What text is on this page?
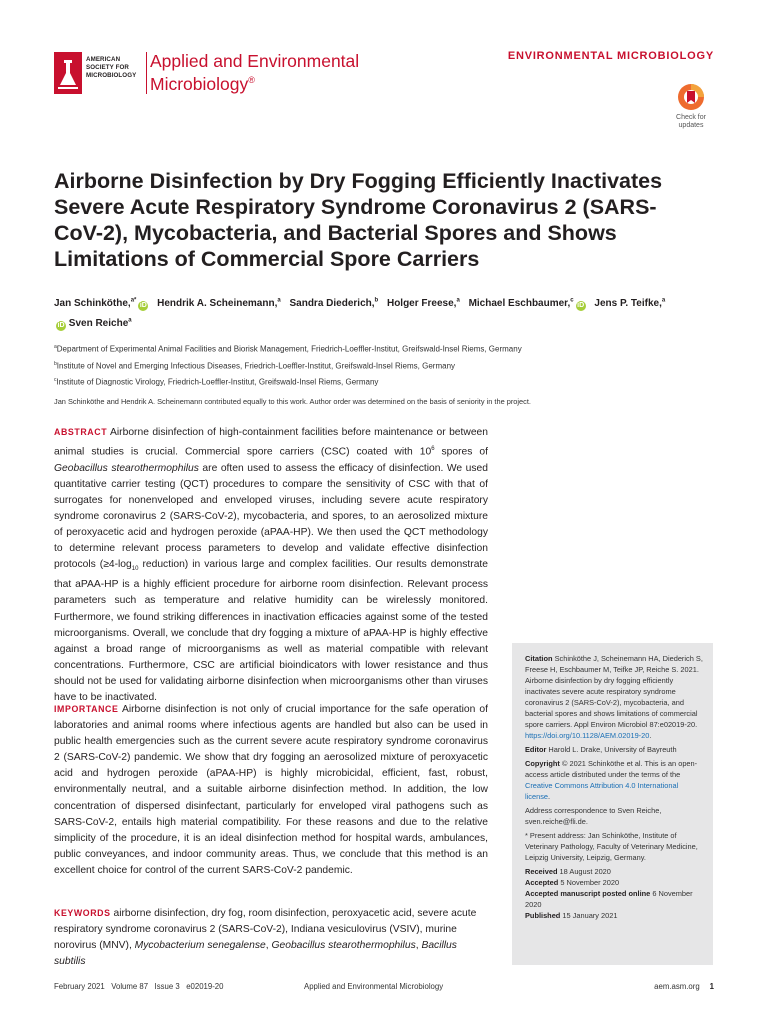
AMERICAN
SOCIETY FOR
MICROBIOLOGY
Applied and Environmental
Microbiology®
ENVIRONMENTAL MICROBIOLOGY
Check for
updates
Airborne Disinfection by Dry Fogging Efficiently Inactivates Severe Acute Respiratory Syndrome Coronavirus 2 (SARS-CoV-2), Mycobacteria, and Bacterial Spores and Shows Limitations of Commercial Spore Carriers
Jan Schinköthe,$^{a*}$iD Hendrik A. Scheinemann,$^a$ Sandra Diederich,$^b$ Holger Freese,$^a$ Michael Eschbaumer,$^c$iD Jens P. Teifke,$^a$
iD Sven Reiche$^a$
$^a$Department of Experimental Animal Facilities and Biorisk Management, Friedrich-Loeffler-Institut, Greifswald-Insel Riems, Germany
$^b$Institute of Novel and Emerging Infectious Diseases, Friedrich-Loeffler-Institut, Greifswald-Insel Riems, Germany
$^c$Institute of Diagnostic Virology, Friedrich-Loeffler-Institut, Greifswald-Insel Riems, Germany
Jan Schinköthe and Hendrik A. Scheinemann contributed equally to this work. Author order was determined on the basis of seniority in the project.
ABSTRACT Airborne disinfection of high-containment facilities before maintenance or between animal studies is crucial. Commercial spore carriers (CSC) coated with $10^6$ spores of Geobacillus stearothermophilus are often used to assess the efficacy of disinfection. We used quantitative carrier testing (QCT) procedures to compare the sensitivity of CSC with that of surrogates for nonenveloped and enveloped viruses, including severe acute respiratory syndrome coronavirus 2 (SARS-CoV-2), mycobacteria, and spores, to an aerosolized mixture of peroxyacetic acid and hydrogen peroxide (aPAA-HP). We then used the QCT methodology to determine relevant process parameters to develop and validate effective disinfection protocols ($\ge 4-\log_{10}$ reduction) in various large and complex facilities. Our results demonstrate that aPAA-HP is a highly efficient procedure for airborne room disinfection. Relevant process parameters such as temperature and relative humidity can be wirelessly monitored. Furthermore, we found striking differences in inactivation efficacies against some of the tested microorganisms. Overall, we conclude that dry fogging a mixture of aPAA-HP is highly effective against a broad range of microorganisms as well as material compatible with relevant concentrations. Furthermore, CSC are artificial bioindicators with lower resistance and thus should not be used for validating airborne disinfection when microorganisms other than viruses have to be inactivated.
IMPORTANCE Airborne disinfection is not only of crucial importance for the safe operation of laboratories and animal rooms where infectious agents are handled but also can be used in public health emergencies such as the current severe acute respiratory syndrome coronavirus 2 (SARS-CoV-2) pandemic. We show that dry fogging an aerosolized mixture of peroxyacetic acid and hydrogen peroxide (aPAA-HP) is highly microbicidal, efficient, fast, robust, environmentally neutral, and a suitable airborne disinfection method. In addition, the low concentration of dispersed disinfectant, particularly for enveloped viral pathogens such as SARS-CoV-2, entails high material compatibility. For these reasons and due to the relative simplicity of the procedure, it is an ideal disinfection method for hospital wards, ambulances, public conveyances, and indoor community areas. Thus, we conclude that this method is an excellent choice for control of the current SARS-CoV-2 pandemic.
KEYWORDS airborne disinfection, dry fog, room disinfection, peroxyacetic acid, severe acute respiratory syndrome coronavirus 2 (SARS-CoV-2), Indiana vesiculovirus (VSIV), murine norovirus (MNV), Mycobacterium senegalense, Geobacillus stearothermophilus, Bacillus subtilis

Citation Schinköthe J, Scheinemann HA, Diederich S, Freese H, Eschbaumer M, Teifke JP, Reiche S. 2021. Airborne disinfection by dry fogging efficiently inactivates severe acute respiratory syndrome coronavirus 2 (SARS-CoV-2), mycobacteria, and bacterial spores and shows limitations of commercial spore carriers. Appl Environ Microbiol 87:e02019-20. https://doi.org/10.1128/AEM.02019-20.

Editor Harold L. Drake, University of Bayreuth

Copyright © 2021 Schinköthe et al. This is an open-access article distributed under the terms of the Creative Commons Attribution 4.0 International license.

Address correspondence to Sven Reiche, sven.reiche@fli.de.

* Present address: Jan Schinköthe, Institute of Veterinary Pathology, Faculty of Veterinary Medicine, Leipzig University, Leipzig, Germany.

Received 18 August 2020
Accepted 5 November 2020
Accepted manuscript posted online 6 November 2020
Published 15 January 2021
February 2021   Volume 87   Issue 3   e02019-20	Applied and Environmental Microbiology	aem.asm.org 1
